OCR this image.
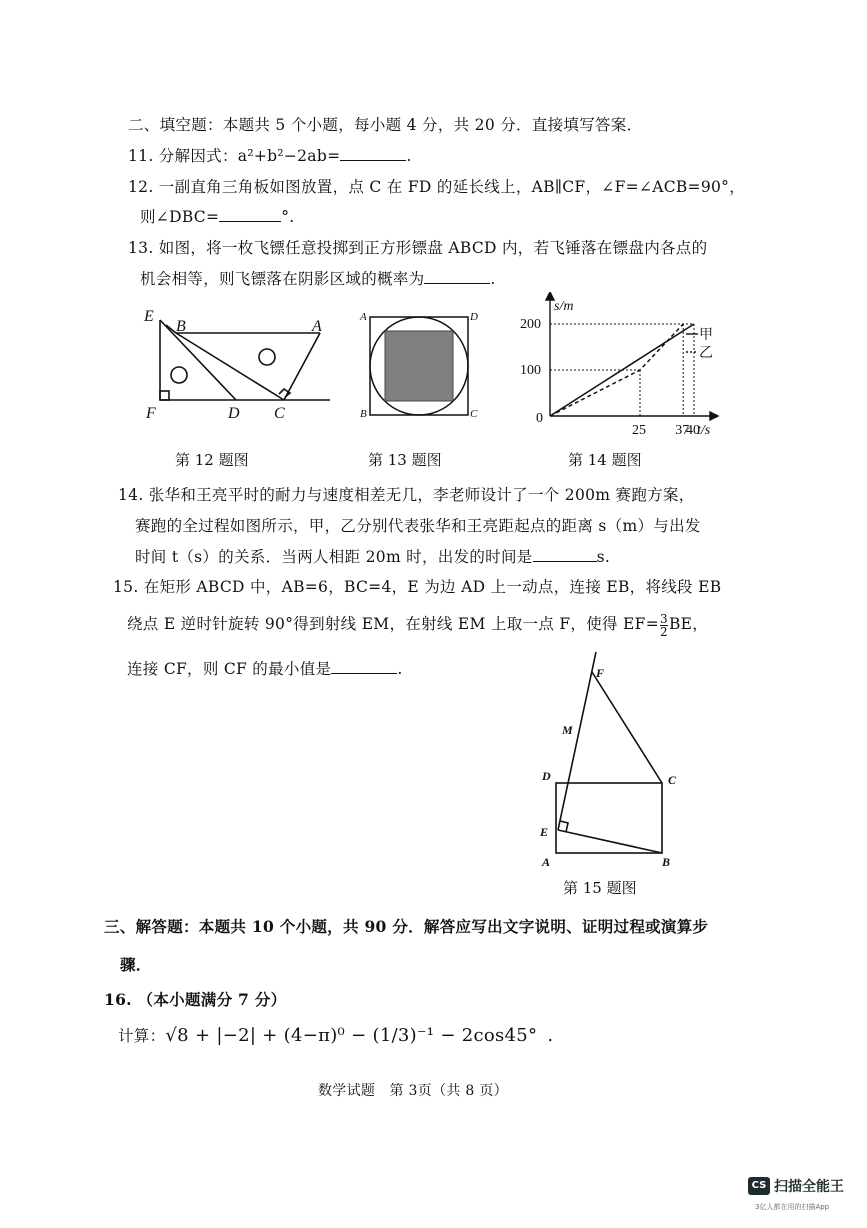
二、填空题：本题共 5 个小题，每小题 4 分，共 20 分．直接填写答案．
11. 分解因式：a²+b²−2ab=	.
12. 一副直角三角板如图放置，点 C 在 FD 的延长线上，AB∥CF，∠F=∠ACB=90°，
则∠DBC=	°.
13. 如图，将一枚飞镖任意投掷到正方形镖盘 ABCD 内，若飞锤落在镖盘内各点的
机会相等，则飞镖落在阴影区域的概率为	.
E
B	A
F	D C
第 12 题图
A	D
B	C
第 13 题图
s/m
t/s
0
100
200
25 37
40
甲
乙
第 14 题图
14. 张华和王亮平时的耐力与速度相差无几，李老师设计了一个 200m 赛跑方案，
赛跑的全过程如图所示，甲，乙分别代表张华和王亮距起点的距离 s（m）与出发
时间 t（s）的关系．当两人相距 20m 时，出发的时间是	s.
15. 在矩形 ABCD 中，AB=6，BC=4，E 为边 AD 上一动点，连接 EB，将线段 EB
绕点 E 逆时针旋转 90°得到射线 EM，在射线 EM 上取一点 F，使得 $EF= \frac{3}{2}$ BE，
连接 CF，则 CF 的最小值是	.	F
M
D	C
E
A	B
第 15 题图
三、解答题：本题共 10 个小题，共 90 分．解答应写出文字说明、证明过程或演算步
骤．
16. （本小题满分 7 分）
计算：√8 + |−2| + (4−π)⁰ − (1/3)⁻¹ − 2cos45° .
数学试题　第 3页（共 8 页）
CS 扫描全能王
3亿人都在用的扫描App
